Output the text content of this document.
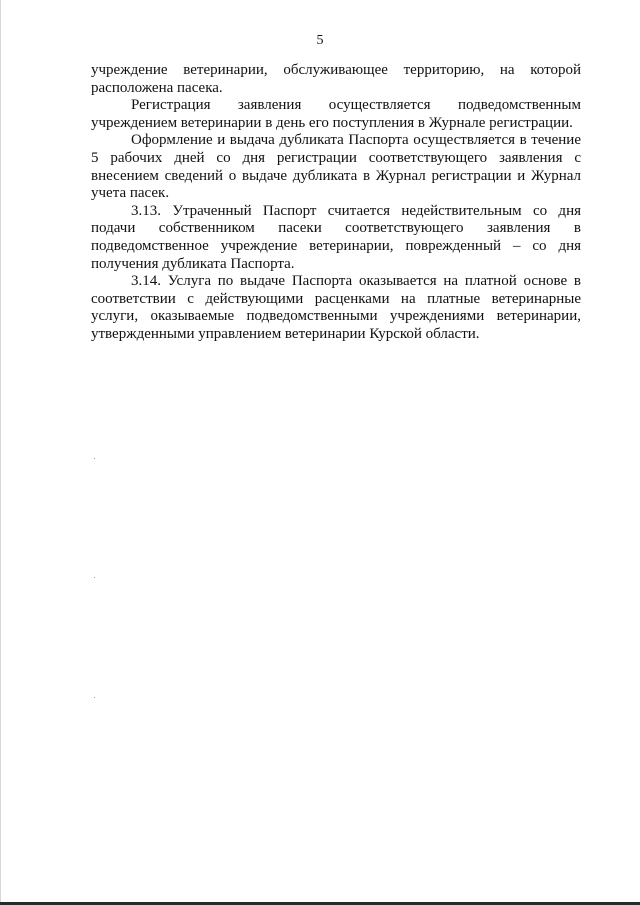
5

учреждение ветеринарии, обслуживающее территорию, на которой расположена пасека.

Регистрация заявления осуществляется подведомственным учреждением ветеринарии в день его поступления в Журнале регистрации.

Оформление и выдача дубликата Паспорта осуществляется в течение 5 рабочих дней со дня регистрации соответствующего заявления с внесением сведений о выдаче дубликата в Журнал регистрации и Журнал учета пасек.

3.13. Утраченный Паспорт считается недействительным со дня подачи собственником пасеки соответствующего заявления в подведомственное учреждение ветеринарии, поврежденный – со дня получения дубликата Паспорта.

3.14. Услуга по выдаче Паспорта оказывается на платной основе в соответствии с действующими расценками на платные ветеринарные услуги, оказываемые подведомственными учреждениями ветеринарии, утвержденными управлением ветеринарии Курской области.
